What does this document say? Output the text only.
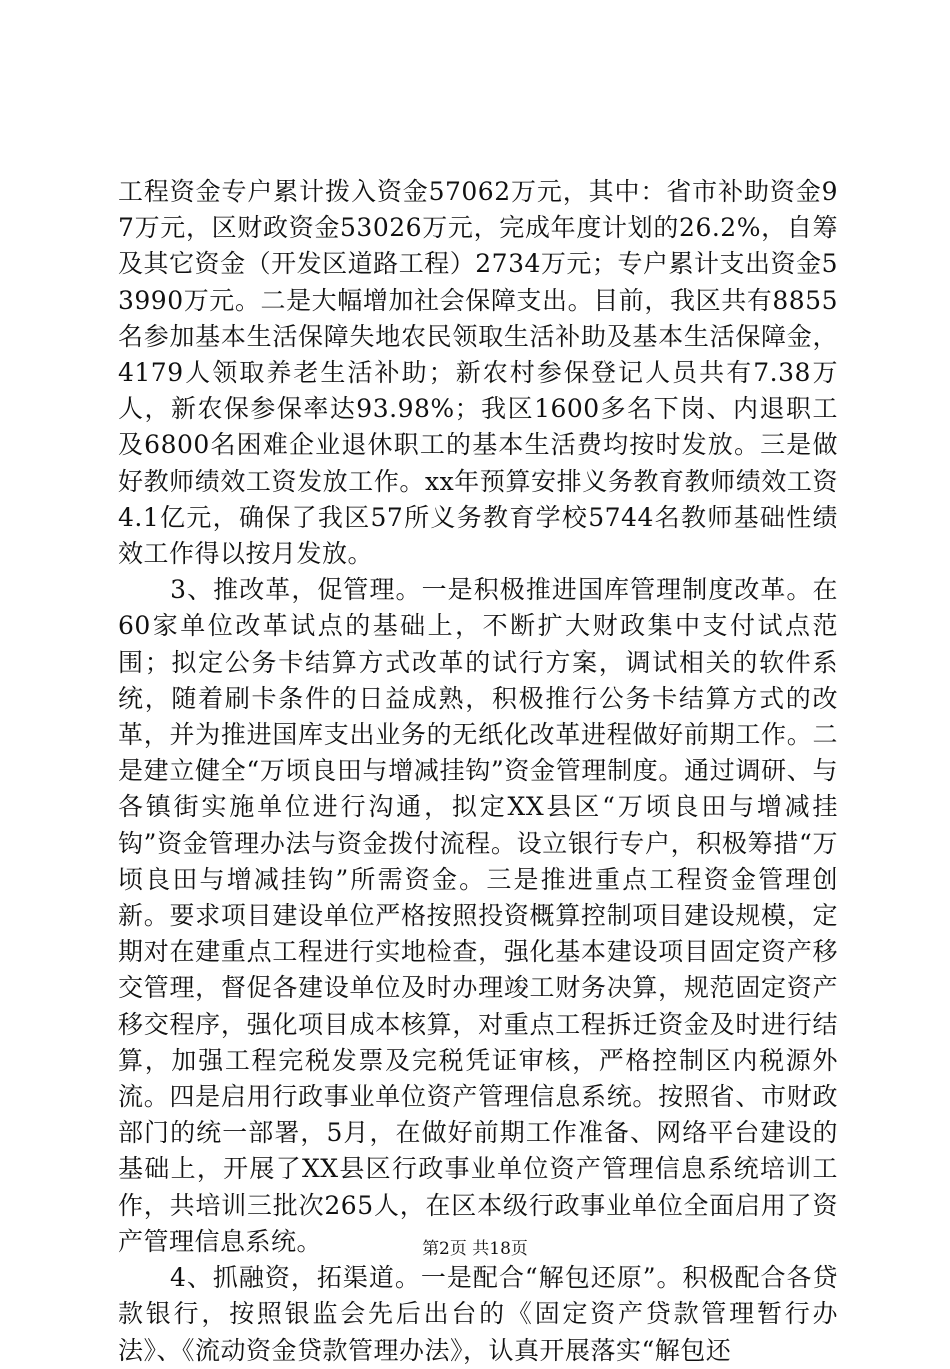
工程资金专户累计拨入资金57062万元，其中：省市补助资金97万元，区财政资金53026万元，完成年度计划的26.2%，自筹及其它资金（开发区道路工程）2734万元；专户累计支出资金53990万元。二是大幅增加社会保障支出。目前，我区共有8855名参加基本生活保障失地农民领取生活补助及基本生活保障金，4179人领取养老生活补助；新农村参保登记人员共有7.38万人，新农保参保率达93.98%；我区1600多名下岗、内退职工及6800名困难企业退休职工的基本生活费均按时发放。三是做好教师绩效工资发放工作。xx年预算安排义务教育教师绩效工资4.1亿元，确保了我区57所义务教育学校5744名教师基础性绩效工作得以按月发放。

　　3、推改革，促管理。一是积极推进国库管理制度改革。在60家单位改革试点的基础上，不断扩大财政集中支付试点范围；拟定公务卡结算方式改革的试行方案，调试相关的软件系统，随着刷卡条件的日益成熟，积极推行公务卡结算方式的改革，并为推进国库支出业务的无纸化改革进程做好前期工作。二是建立健全“万顷良田与增减挂钩”资金管理制度。通过调研、与各镇街实施单位进行沟通，拟定XX县区“万顷良田与增减挂钩”资金管理办法与资金拨付流程。设立银行专户，积极筹措“万顷良田与增减挂钩”所需资金。三是推进重点工程资金管理创新。要求项目建设单位严格按照投资概算控制项目建设规模，定期对在建重点工程进行实地检查，强化基本建设项目固定资产移交管理，督促各建设单位及时办理竣工财务决算，规范固定资产移交程序，强化项目成本核算，对重点工程拆迁资金及时进行结算，加强工程完税发票及完税凭证审核，严格控制区内税源外流。四是启用行政事业单位资产管理信息系统。按照省、市财政部门的统一部署，5月，在做好前期工作准备、网络平台建设的基础上，开展了XX县区行政事业单位资产管理信息系统培训工作，共培训三批次265人，在区本级行政事业单位全面启用了资产管理信息系统。

　　4、抓融资，拓渠道。一是配合“解包还原”。积极配合各贷款银行，按照银监会先后出台的《固定资产贷款管理暂行办法》、《流动资金贷款管理办法》，认真开展落实“解包还

第2页 共18页
